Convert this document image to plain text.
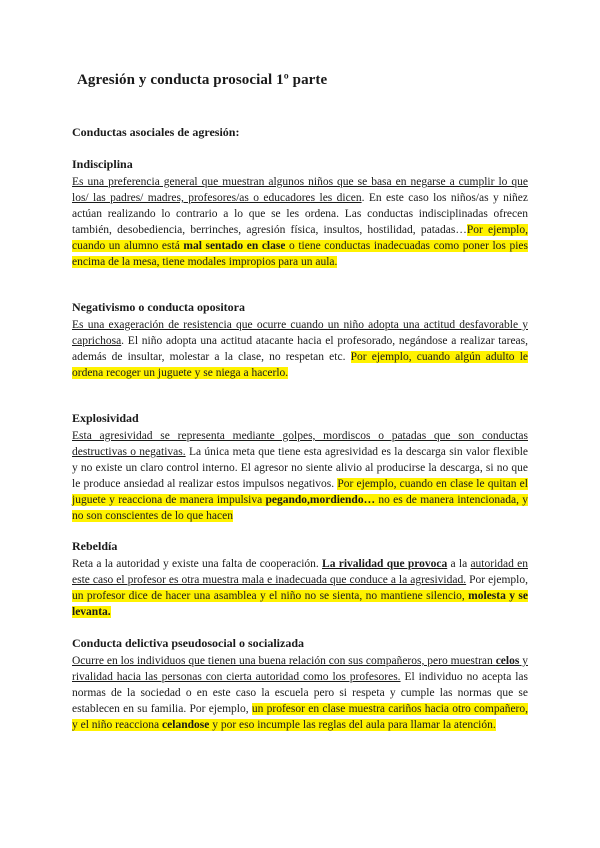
Agresión y conducta prosocial 1º parte
Conductas asociales de agresión:
Indisciplina

Es una preferencia general que muestran algunos niños que se basa en negarse a cumplir lo que los/ las padres/ madres, profesores/as o educadores les dicen. En este caso los niños/as y niñez actúan realizando lo contrario a lo que se les ordena. Las conductas indisciplinadas ofrecen también, desobediencia, berrinches, agresión física, insultos, hostilidad, patadas…Por ejemplo, cuando un alumno está mal sentado en clase o tiene conductas inadecuadas como poner los pies encima de la mesa, tiene modales impropios para un aula.

Negativismo o conducta opositora

Es una exageración de resistencia que ocurre cuando un niño adopta una actitud desfavorable y caprichosa. El niño adopta una actitud atacante hacia el profesorado, negándose a realizar tareas, además de insultar, molestar a la clase, no respetan etc. Por ejemplo, cuando algún adulto le ordena recoger un juguete y se niega a hacerlo.

Explosividad

Esta agresividad se representa mediante golpes, mordiscos o patadas que son conductas destructivas o negativas. La única meta que tiene esta agresividad es la descarga sin valor flexible y no existe un claro control interno. El agresor no siente alivio al producirse la descarga, si no que le produce ansiedad al realizar estos impulsos negativos. Por ejemplo, cuando en clase le quitan el juguete y reacciona de manera impulsiva pegando,mordiendo… no es de manera intencionada, y no son conscientes de lo que hacen

Rebeldía

Reta a la autoridad y existe una falta de cooperación. La rivalidad que provoca a la autoridad en este caso el profesor es otra muestra mala e inadecuada que conduce a la agresividad. Por ejemplo, un profesor dice de hacer una asamblea y el niño no se sienta, no mantiene silencio, molesta y se levanta.

Conducta delictiva pseudosocial o socializada

Ocurre en los individuos que tienen una buena relación con sus compañeros, pero muestran celos y rivalidad hacia las personas con cierta autoridad como los profesores. El individuo no acepta las normas de la sociedad o en este caso la escuela pero si respeta y cumple las normas que se establecen en su familia. Por ejemplo, un profesor en clase muestra cariños hacia otro compañero, y el niño reacciona celandose y por eso incumple las reglas del aula para llamar la atención.
